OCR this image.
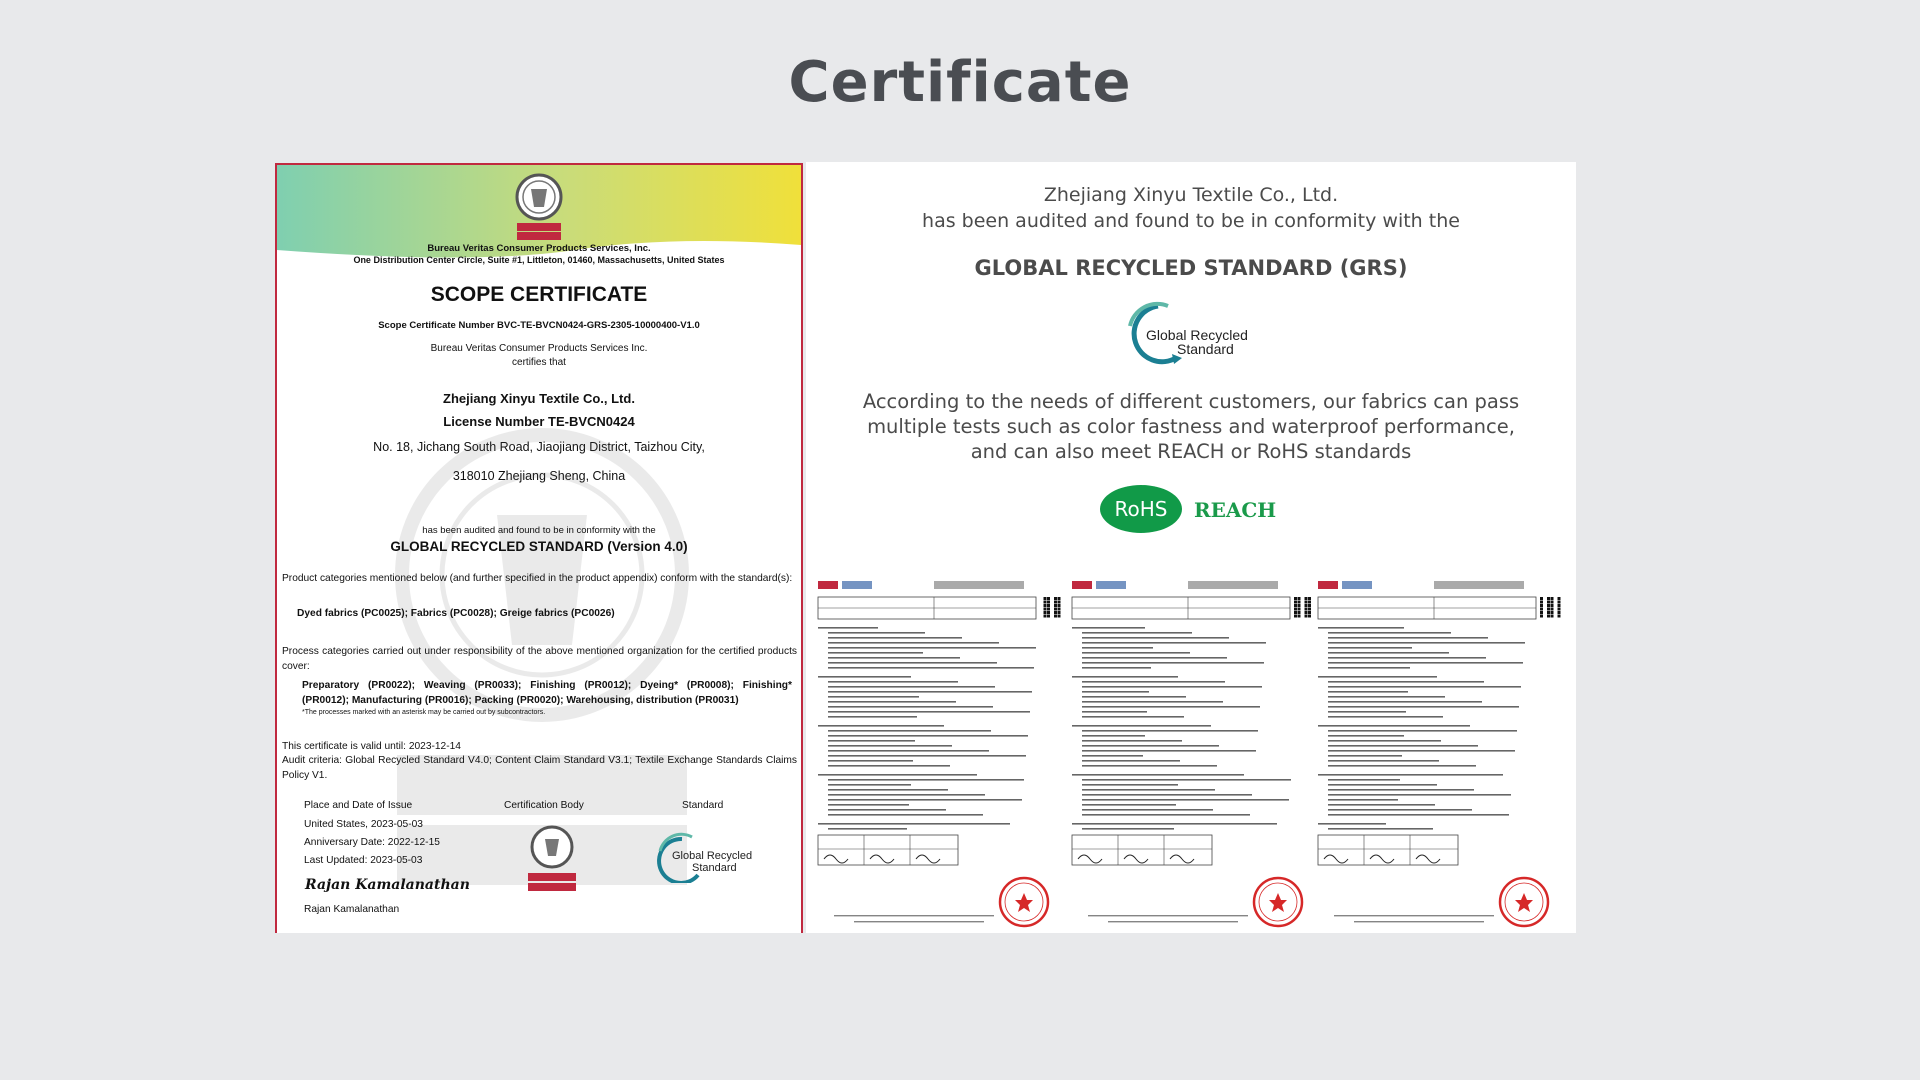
Certificate
Bureau Veritas Consumer Products Services, Inc.
One Distribution Center Circle, Suite #1, Littleton, 01460, Massachusetts, United States
SCOPE CERTIFICATE
Scope Certificate Number BVC-TE-BVCN0424-GRS-2305-10000400-V1.0
Bureau Veritas Consumer Products Services Inc.
certifies that
Zhejiang Xinyu Textile Co., Ltd.
License Number TE-BVCN0424
No. 18, Jichang South Road, Jiaojiang District, Taizhou City,
318010 Zhejiang Sheng, China
has been audited and found to be in conformity with the
GLOBAL RECYCLED STANDARD (Version 4.0)
Product categories mentioned below (and further specified in the product appendix) conform with the standard(s):
Dyed fabrics (PC0025); Fabrics (PC0028); Greige fabrics (PC0026)
Process categories carried out under responsibility of the above mentioned organization for the certified products cover:
Preparatory (PR0022); Weaving (PR0033); Finishing (PR0012); Dyeing* (PR0008); Finishing* (PR0012); Manufacturing (PR0016); Packing (PR0020); Warehousing, distribution (PR0031)
*The processes marked with an asterisk may be carried out by subcontractors.
This certificate is valid until: 2023-12-14
Audit criteria: Global Recycled Standard V4.0; Content Claim Standard V3.1; Textile Exchange Standards Claims Policy V1.
Place and Date of Issue	Certification Body	Standard
United States, 2023-05-03
Anniversary Date: 2022-12-15
Last Updated: 2023-05-03	Global Recycled
Standard
Rajan Kamalanathan
Rajan Kamalanathan
Zhejiang Xinyu Textile Co., Ltd.
has been audited and found to be in conformity with the
GLOBAL RECYCLED STANDARD (GRS)
Global Recycled
Standard
According to the needs of different customers, our fabrics can pass
multiple tests such as color fastness and waterproof performance,
and can also meet REACH or RoHS standards
RoHS	REACH
